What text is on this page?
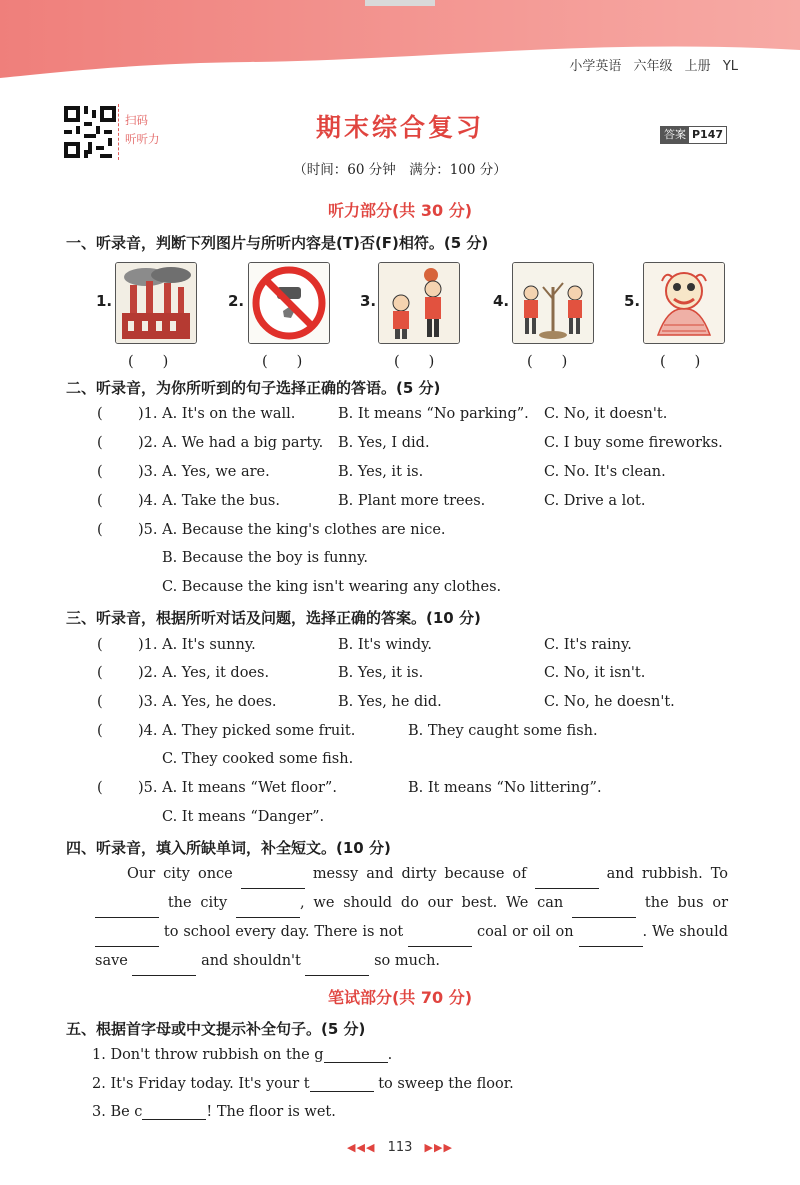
小学英语 六年级 上册 YL
扫码
听听力	期末综合复习	答案 P147
（时间：60 分钟　满分：100 分）
听力部分(共 30 分)
一、听录音，判断下列图片与所听内容是(T)否(F)相符。(5 分)
1.
(　　)
2.
(　　)
3.
(　　)
4.
(　　)
5.
(　　)
二、听录音，为你所听到的句子选择正确的答语。(5 分)
( )1. A. It's on the wall.	B. It means “No parking”. C. No, it doesn't.
( )2. A. We had a big party. B. Yes, I did.	C. I buy some fireworks.
( )3. A. Yes, we are.	B. Yes, it is.	C. No. It's clean.
( )4. A. Take the bus.	B. Plant more trees.	C. Drive a lot.
( )5. A. Because the king's clothes are nice.
B. Because the boy is funny.
C. Because the king isn't wearing any clothes.
三、听录音，根据所听对话及问题，选择正确的答案。(10 分)
( )1. A. It's sunny.	B. It's windy.	C. It's rainy.
( )2. A. Yes, it does.	B. Yes, it is.	C. No, it isn't.
( )3. A. Yes, he does.	B. Yes, he did.	C. No, he doesn't.
( )4. A. They picked some fruit.	B. They caught some fish.
C. They cooked some fish.
( )5. A. It means “Wet floor”.	B. It means “No littering”.
C. It means “Danger”.
四、听录音，填入所缺单词，补全短文。(10 分)
Our city once	messy and dirty because of	and rubbish. To  the city	, we should do our best. We can	the bus or  to school every day. There is not	coal or oil on	. We should save	and shouldn't	so much.
笔试部分(共 70 分)
五、根据首字母或中文提示补全句子。(5 分)
1. Don't throw rubbish on the g	.
2. It's Friday today. It's your t	to sweep the floor.
3. Be c	! The floor is wet.
◀◀◀ 113 ▶▶▶
